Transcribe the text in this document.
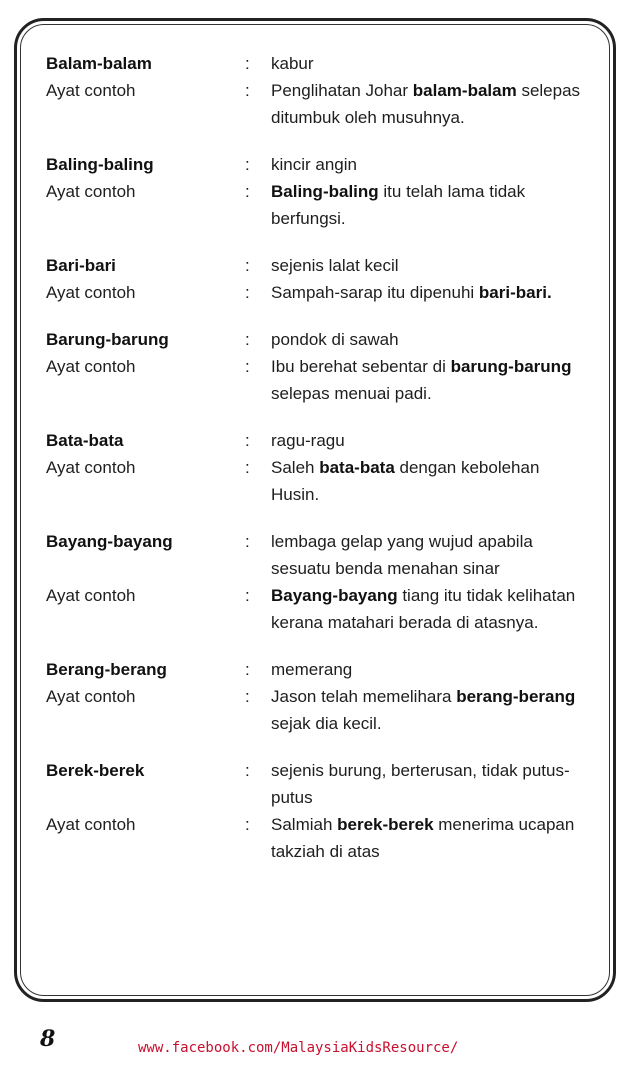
Balam-balam	:	kabur
Ayat contoh	:	Penglihatan Johar balam-balam selepas ditumbuk oleh musuhnya.
Baling-baling	:	kincir angin
Ayat contoh	:	Baling-baling itu telah lama tidak berfungsi.
Bari-bari	:	sejenis lalat kecil
Ayat contoh	:	Sampah-sarap itu dipenuhi bari-bari.
Barung-barung	:	pondok di sawah
Ayat contoh	:	Ibu berehat sebentar di barung-barung selepas menuai padi.
Bata-bata	:	ragu-ragu
Ayat contoh	:	Saleh bata-bata dengan kebolehan Husin.
Bayang-bayang	:	lembaga gelap yang wujud apabila sesuatu benda menahan sinar
Ayat contoh	:	Bayang-bayang tiang itu tidak kelihatan kerana matahari berada di atasnya.
Berang-berang	:	memerang
Ayat contoh	:	Jason telah memelihara berang-berang sejak dia kecil.
Berek-berek	:	sejenis burung, berterusan, tidak putus-putus
Ayat contoh	:	Salmiah berek-berek menerima ucapan takziah di atas
8	www.facebook.com/MalaysiaKidsResource/
